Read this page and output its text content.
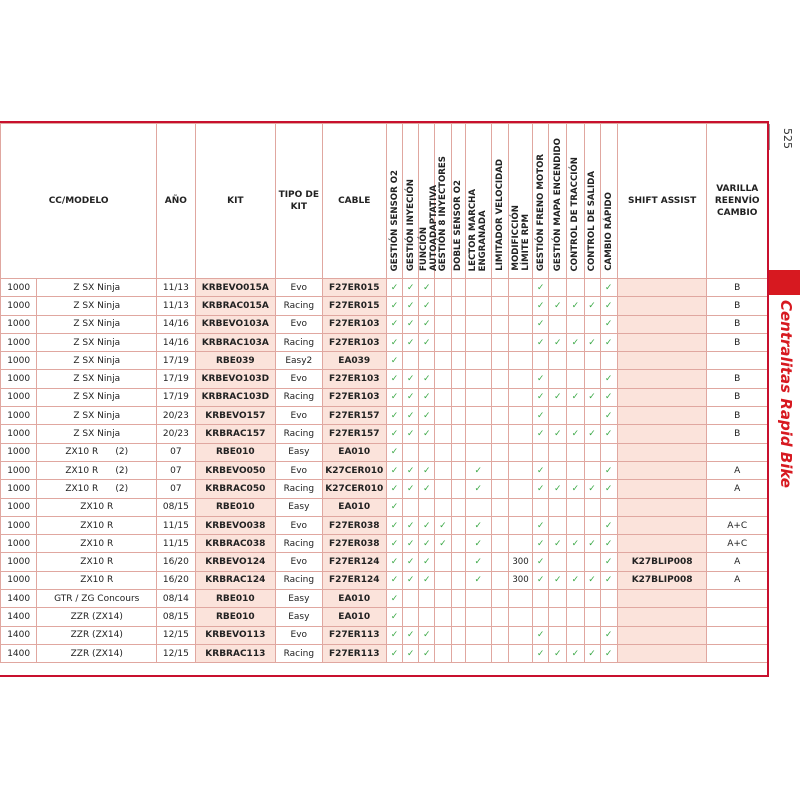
CC/MODELO		AÑO	KIT	TIPO DE KIT	CABLE	GESTIÓN SENSOR O2	GESTIÓN INYECIÓN	FUNCIÓN
AUTOADAPTATIVA	GESTIÓN 8 INYECTORES	DOBLE SENSOR O2	LECTOR MARCHA
ENGRANADA	LIMITADOR VELOCIDAD	MODIFICCIÓN
LÍMITE RPM	GESTIÓN FRENO MOTOR	GESTIÓN MAPA ENCENDIDO	CONTROL DE TRACCIÓN	CONTROL DE SALIDA	CAMBIO RÁPIDO	SHIFT ASSIST	VARILLA REENVÍO CAMBIO
1000	Z SX Ninja	11/13	KRBEVO015A	Evo	F27ER015	✓	✓	✓						✓				✓		B
1000	Z SX Ninja	11/13	KRBRAC015A	Racing	F27ER015	✓	✓	✓						✓	✓	✓	✓	✓		B
1000	Z SX Ninja	14/16	KRBEVO103A	Evo	F27ER103	✓	✓	✓						✓				✓		B
1000	Z SX Ninja	14/16	KRBRAC103A	Racing	F27ER103	✓	✓	✓						✓	✓	✓	✓	✓		B
1000	Z SX Ninja	17/19	RBE039	Easy2	EA039	✓														
1000	Z SX Ninja	17/19	KRBEVO103D	Evo	F27ER103	✓	✓	✓						✓				✓		B
1000	Z SX Ninja	17/19	KRBRAC103D	Racing	F27ER103	✓	✓	✓						✓	✓	✓	✓	✓		B
1000	Z SX Ninja	20/23	KRBEVO157	Evo	F27ER157	✓	✓	✓						✓				✓		B
1000	Z SX Ninja	20/23	KRBRAC157	Racing	F27ER157	✓	✓	✓						✓	✓	✓	✓	✓		B
1000	ZX10 R      (2)	07	RBE010	Easy	EA010	✓														
1000	ZX10 R      (2)	07	KRBEVO050	Evo	K27CER010	✓	✓	✓			✓			✓				✓		A
1000	ZX10 R      (2)	07	KRBRAC050	Racing	K27CER010	✓	✓	✓			✓			✓	✓	✓	✓	✓		A
1000	ZX10 R	08/15	RBE010	Easy	EA010	✓														
1000	ZX10 R	11/15	KRBEVO038	Evo	F27ER038	✓	✓	✓	✓		✓			✓				✓		A+C
1000	ZX10 R	11/15	KRBRAC038	Racing	F27ER038	✓	✓	✓	✓		✓			✓	✓	✓	✓	✓		A+C
1000	ZX10 R	16/20	KRBEVO124	Evo	F27ER124	✓	✓	✓			✓		300	✓				✓	K27BLIP008	A
1000	ZX10 R	16/20	KRBRAC124	Racing	F27ER124	✓	✓	✓			✓		300	✓	✓	✓	✓	✓	K27BLIP008	A
1400	GTR / ZG Concours	08/14	RBE010	Easy	EA010	✓														
1400	ZZR (ZX14)	08/15	RBE010	Easy	EA010	✓														
1400	ZZR (ZX14)	12/15	KRBEVO113	Evo	F27ER113	✓	✓	✓						✓				✓		
1400	ZZR (ZX14)	12/15	KRBRAC113	Racing	F27ER113	✓	✓	✓						✓	✓	✓	✓	✓		
525
Centralitas Rapid Bike
